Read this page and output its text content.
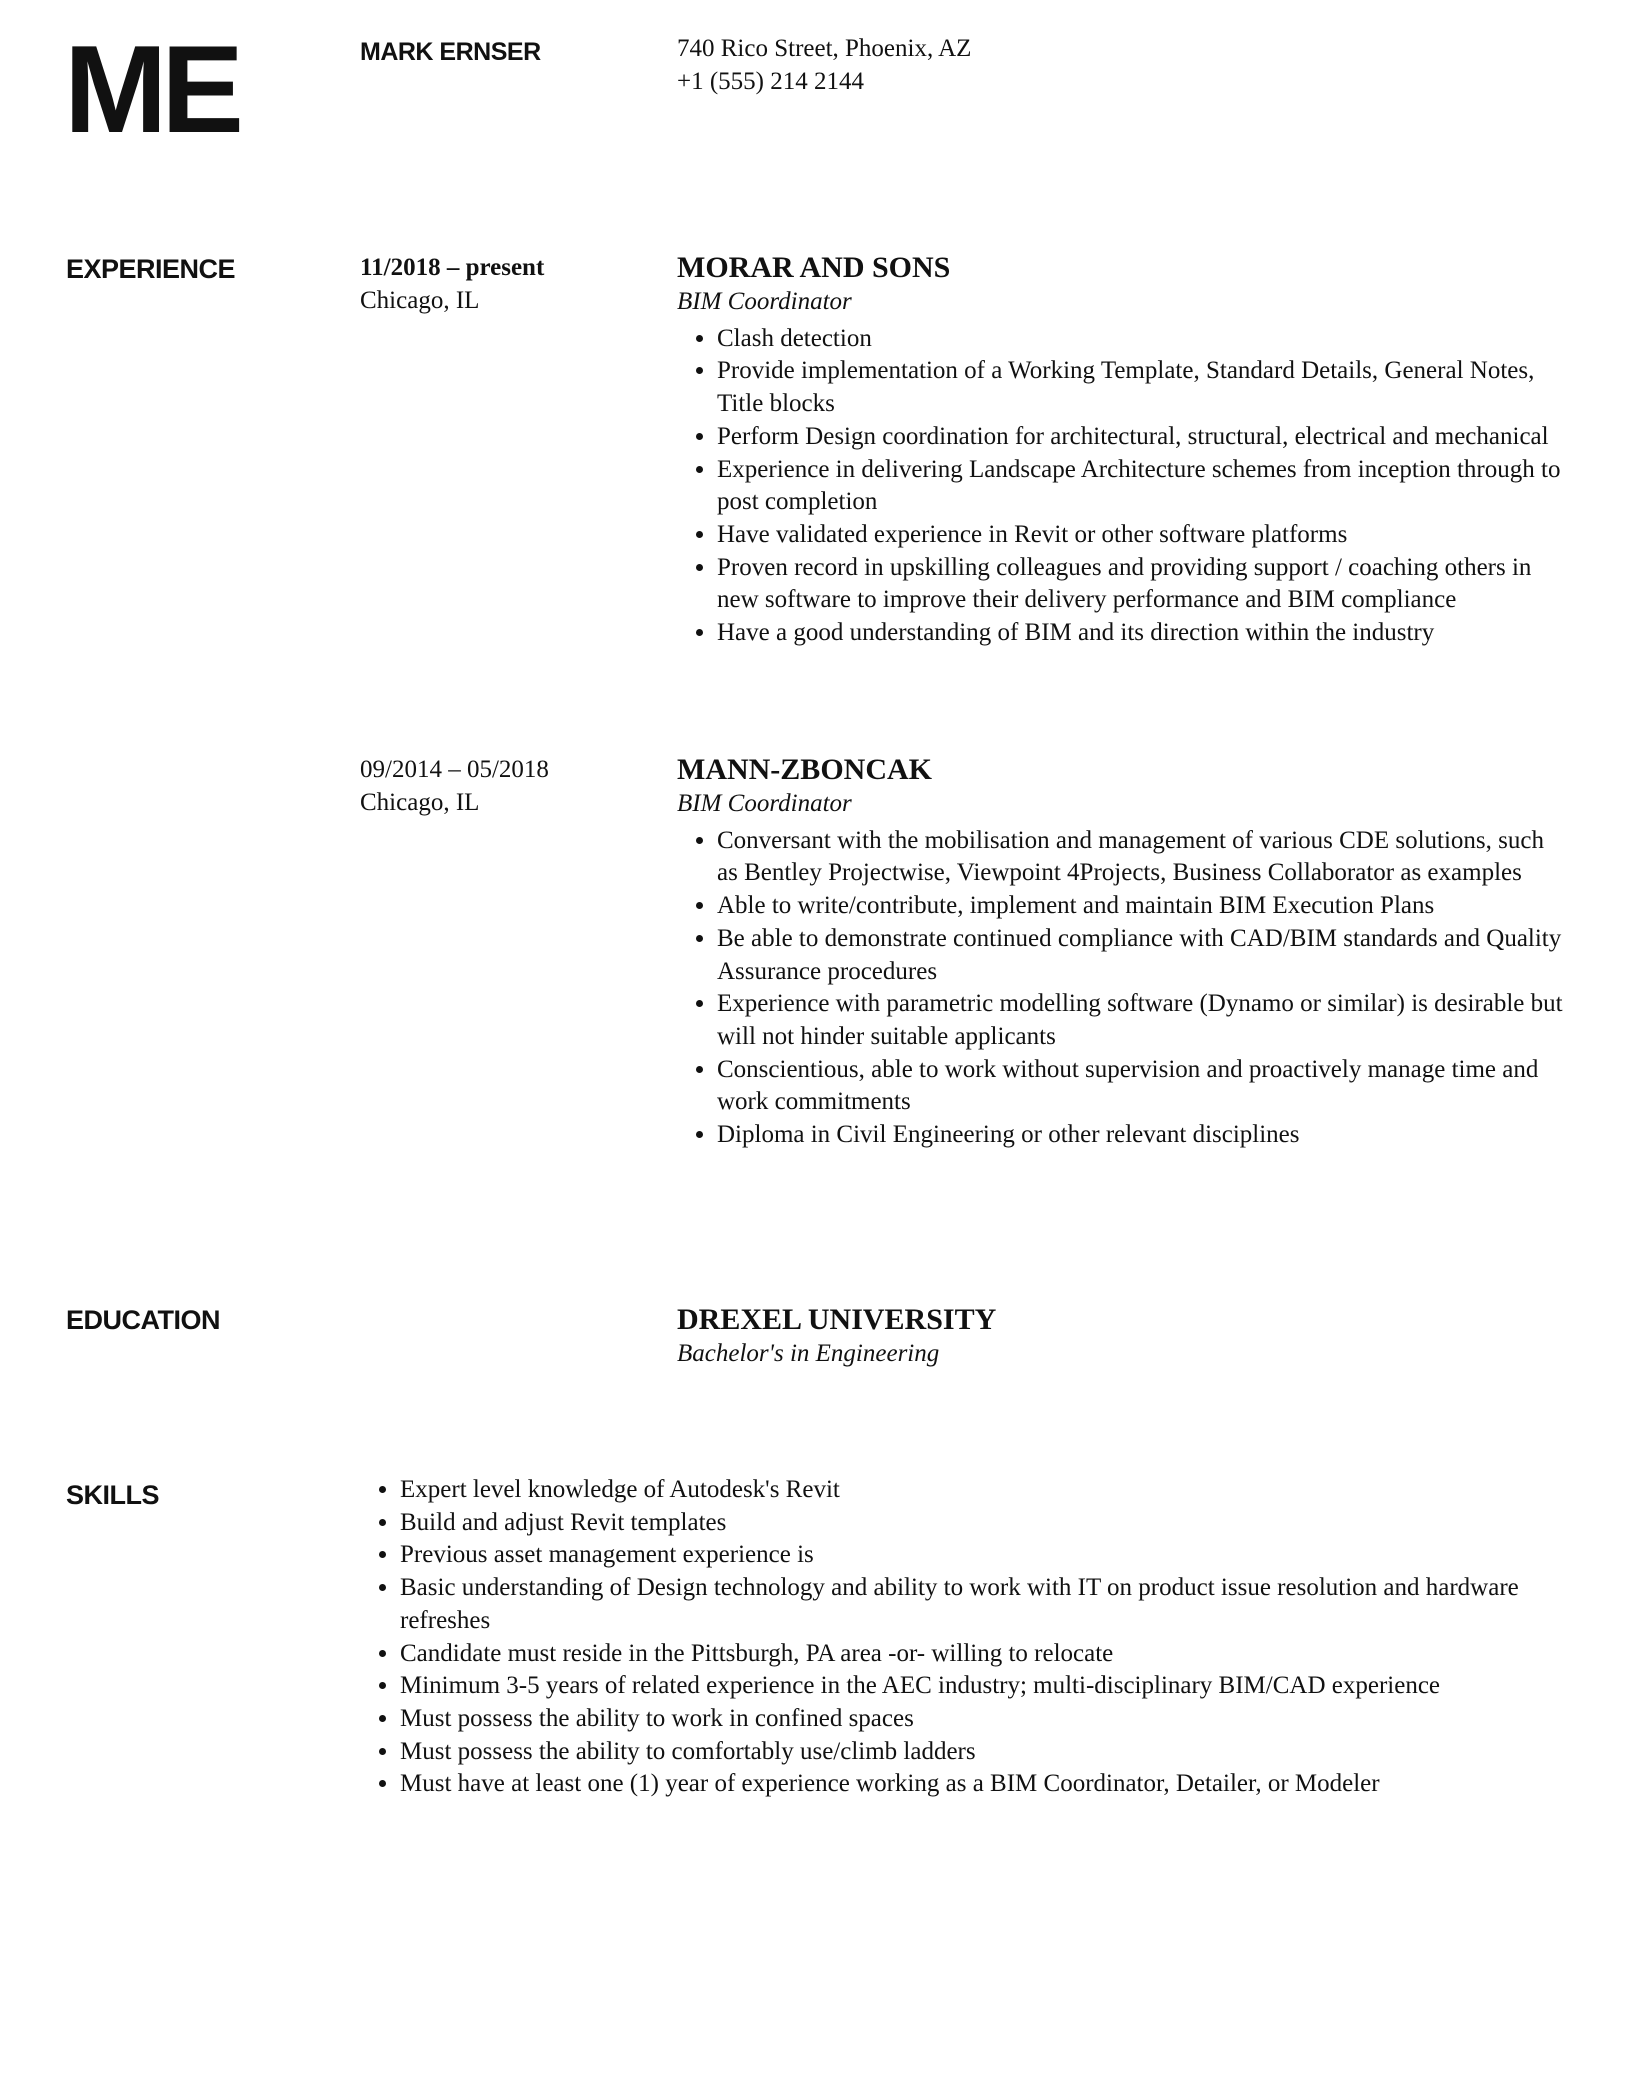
ME	MARK ERNSER	740 Rico Street, Phoenix, AZ
+1 (555) 214 2144
EXPERIENCE	11/2018 – present
Chicago, IL
MORAR AND SONS
BIM Coordinator
• Clash detection
• Provide implementation of a Working Template, Standard Details, General Notes, Title blocks
• Perform Design coordination for architectural, structural, electrical and mechanical
• Experience in delivering Landscape Architecture schemes from inception through to post completion
• Have validated experience in Revit or other software platforms
• Proven record in upskilling colleagues and providing support / coaching others in new software to improve their delivery performance and BIM compliance
• Have a good understanding of BIM and its direction within the industry
09/2014 – 05/2018
Chicago, IL
MANN-ZBONCAK
BIM Coordinator
• Conversant with the mobilisation and management of various CDE solutions, such as Bentley Projectwise, Viewpoint 4Projects, Business Collaborator as examples
• Able to write/contribute, implement and maintain BIM Execution Plans
• Be able to demonstrate continued compliance with CAD/BIM standards and Quality Assurance procedures
• Experience with parametric modelling software (Dynamo or similar) is desirable but will not hinder suitable applicants
• Conscientious, able to work without supervision and proactively manage time and work commitments
• Diploma in Civil Engineering or other relevant disciplines
EDUCATION	DREXEL UNIVERSITY
Bachelor's in Engineering
SKILLS	• Expert level knowledge of Autodesk's Revit
• Build and adjust Revit templates
• Previous asset management experience is
• Basic understanding of Design technology and ability to work with IT on product issue resolution and hardware refreshes
• Candidate must reside in the Pittsburgh, PA area -or- willing to relocate
• Minimum 3-5 years of related experience in the AEC industry; multi-disciplinary BIM/CAD experience
• Must possess the ability to work in confined spaces
• Must possess the ability to comfortably use/climb ladders
• Must have at least one (1) year of experience working as a BIM Coordinator, Detailer, or Modeler
